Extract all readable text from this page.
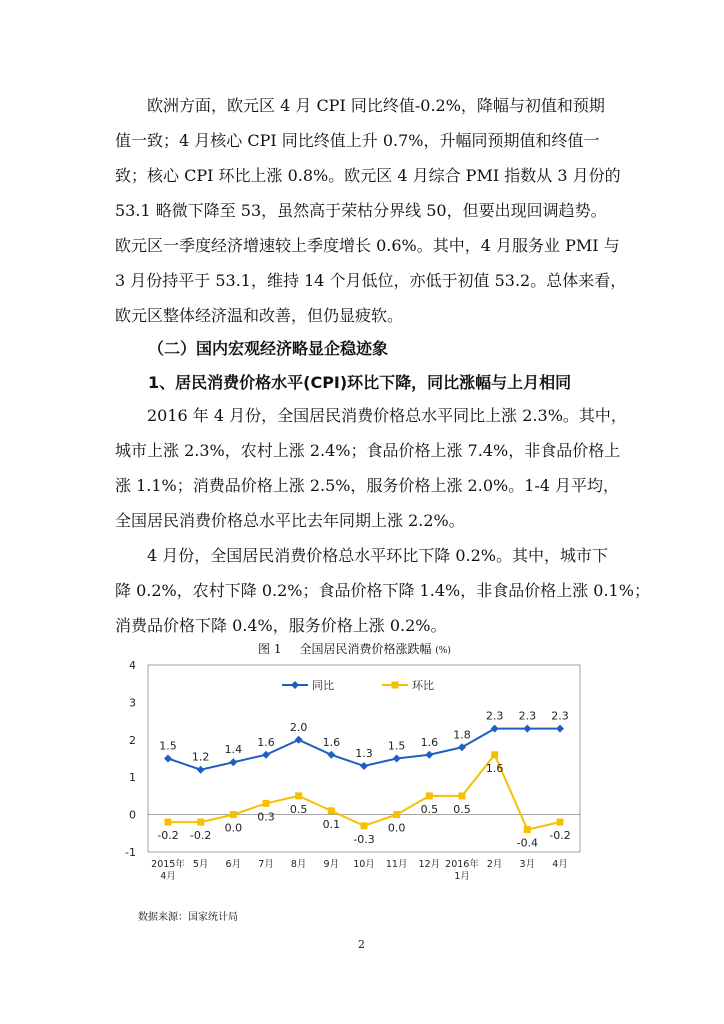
欧洲方面，欧元区 4 月 CPI 同比终值-0.2%，降幅与初值和预期
值一致；4 月核心 CPI 同比终值上升 0.7%，升幅同预期值和终值一
致；核心 CPI 环比上涨 0.8%。欧元区 4 月综合 PMI 指数从 3 月份的
53.1 略微下降至 53，虽然高于荣枯分界线 50，但要出现回调趋势。
欧元区一季度经济增速较上季度增长 0.6%。其中，4 月服务业 PMI 与
3 月份持平于 53.1，维持 14 个月低位，亦低于初值 53.2。总体来看，
欧元区整体经济温和改善，但仍显疲软。
（二）国内宏观经济略显企稳迹象
1、居民消费价格水平(CPI)环比下降，同比涨幅与上月相同
2016 年 4 月份，全国居民消费价格总水平同比上涨 2.3%。其中，
城市上涨 2.3%，农村上涨 2.4%；食品价格上涨 7.4%，非食品价格上
涨 1.1%；消费品价格上涨 2.5%，服务价格上涨 2.0%。1-4 月平均，
全国居民消费价格总水平比去年同期上涨 2.2%。
4 月份，全国居民消费价格总水平环比下降 0.2%。其中，城市下
降 0.2%，农村下降 0.2%；食品价格下降 1.4%，非食品价格上涨 0.1%；
消费品价格下降 0.4%，服务价格上涨 0.2%。
图 1 全国居民消费价格涨跌幅 (%)
-1
0
1
2
3
4
2015年
4月
5月 6月 7月 8月 9月 10月 11月 12月 2016年
1月
2月 3月 4月
1.5
1.2
1.4
1.6
2.0
1.6
1.3
1.5 1.6
1.8
2.3 2.3 2.3
-0.2 -0.2
0.0
0.3
0.5
0.1
-0.3
0.0
0.5 0.5
1.6
-0.4
-0.2
同比	环比
数据来源：国家统计局
2
